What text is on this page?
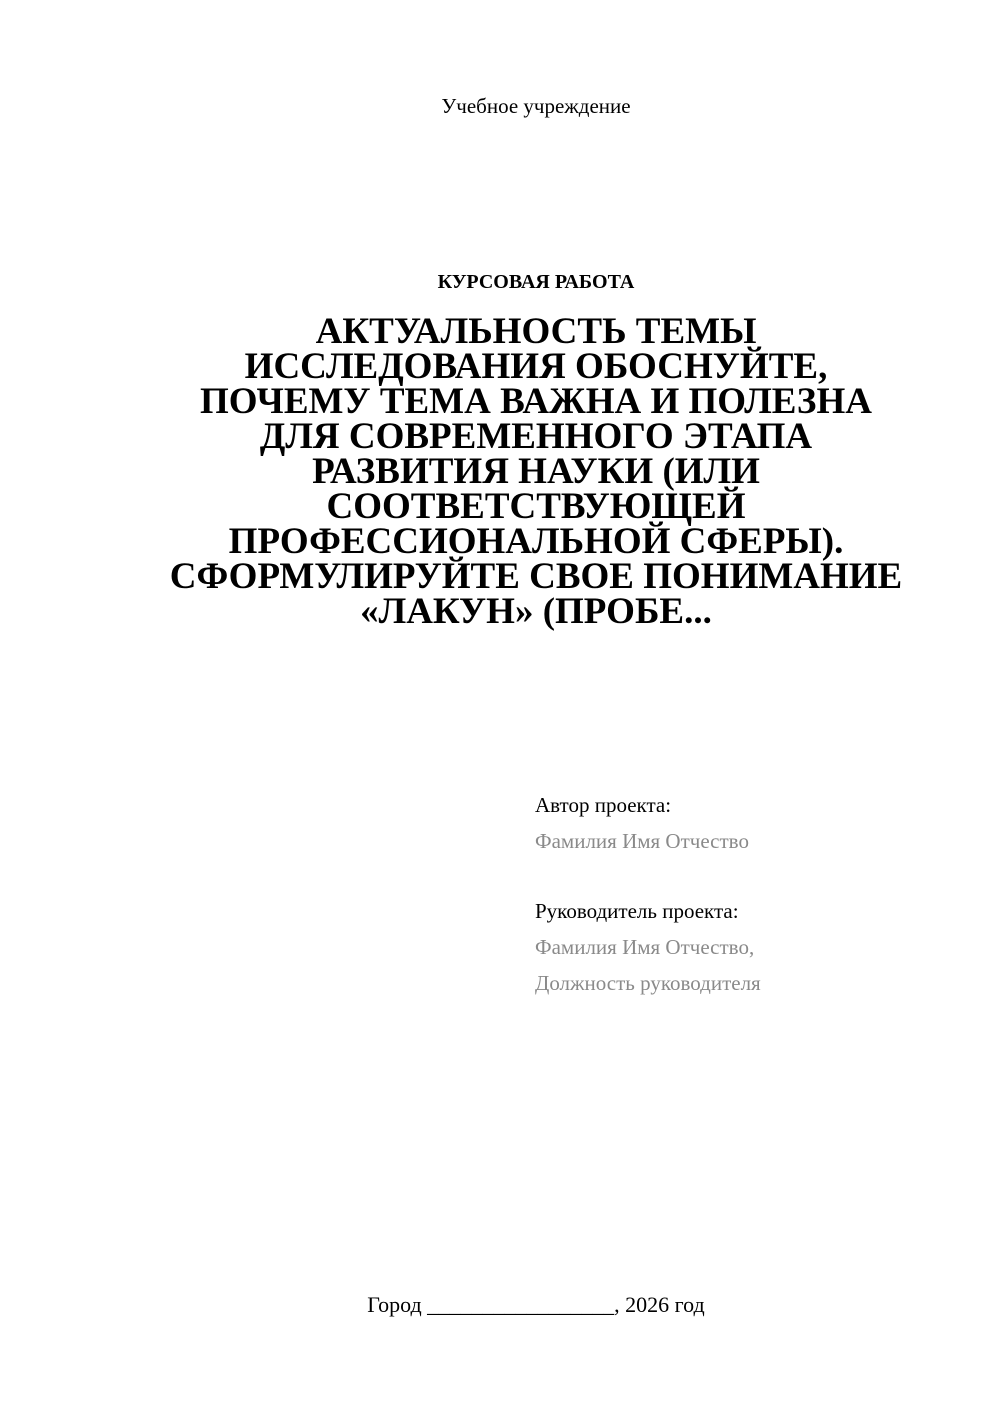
Учебное учреждение
КУРСОВАЯ РАБОТА
АКТУАЛЬНОСТЬ ТЕМЫ
ИССЛЕДОВАНИЯ ОБОСНУЙТЕ,
ПОЧЕМУ ТЕМА ВАЖНА И ПОЛЕЗНА
ДЛЯ СОВРЕМЕННОГО ЭТАПА
РАЗВИТИЯ НАУКИ (ИЛИ
СООТВЕТСТВУЮЩЕЙ
ПРОФЕССИОНАЛЬНОЙ СФЕРЫ).
СФОРМУЛИРУЙТЕ СВОЕ ПОНИМАНИЕ
«ЛАКУН» (ПРОБЕ...
Автор проекта:
Фамилия Имя Отчество
Руководитель проекта:
Фамилия Имя Отчество,
Должность руководителя
Город _________________, 2026 год
